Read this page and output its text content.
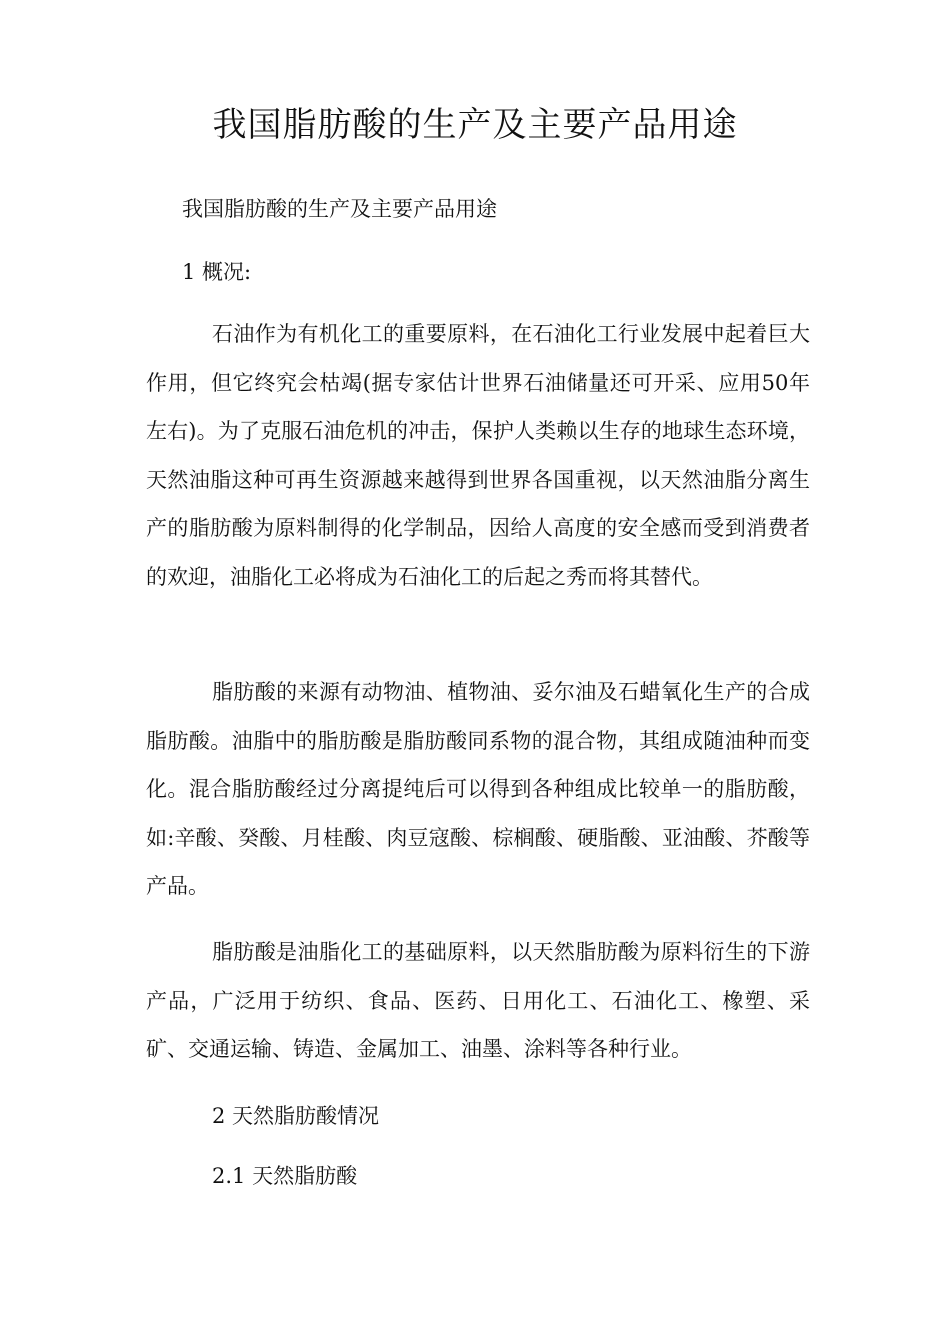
我国脂肪酸的生产及主要产品用途

我国脂肪酸的生产及主要产品用途

1 概况:

石油作为有机化工的重要原料，在石油化工行业发展中起着巨大作用，但它终究会枯竭(据专家估计世界石油储量还可开采、应用50年左右)。为了克服石油危机的冲击，保护人类赖以生存的地球生态环境，天然油脂这种可再生资源越来越得到世界各国重视，以天然油脂分离生产的脂肪酸为原料制得的化学制品，因给人高度的安全感而受到消费者的欢迎，油脂化工必将成为石油化工的后起之秀而将其替代。

脂肪酸的来源有动物油、植物油、妥尔油及石蜡氧化生产的合成脂肪酸。油脂中的脂肪酸是脂肪酸同系物的混合物，其组成随油种而变化。混合脂肪酸经过分离提纯后可以得到各种组成比较单一的脂肪酸，如:辛酸、癸酸、月桂酸、肉豆寇酸、棕榈酸、硬脂酸、亚油酸、芥酸等产品。

脂肪酸是油脂化工的基础原料，以天然脂肪酸为原料衍生的下游产品，广泛用于纺织、食品、医药、日用化工、石油化工、橡塑、采矿、交通运输、铸造、金属加工、油墨、涂料等各种行业。

2 天然脂肪酸情况

2.1 天然脂肪酸
